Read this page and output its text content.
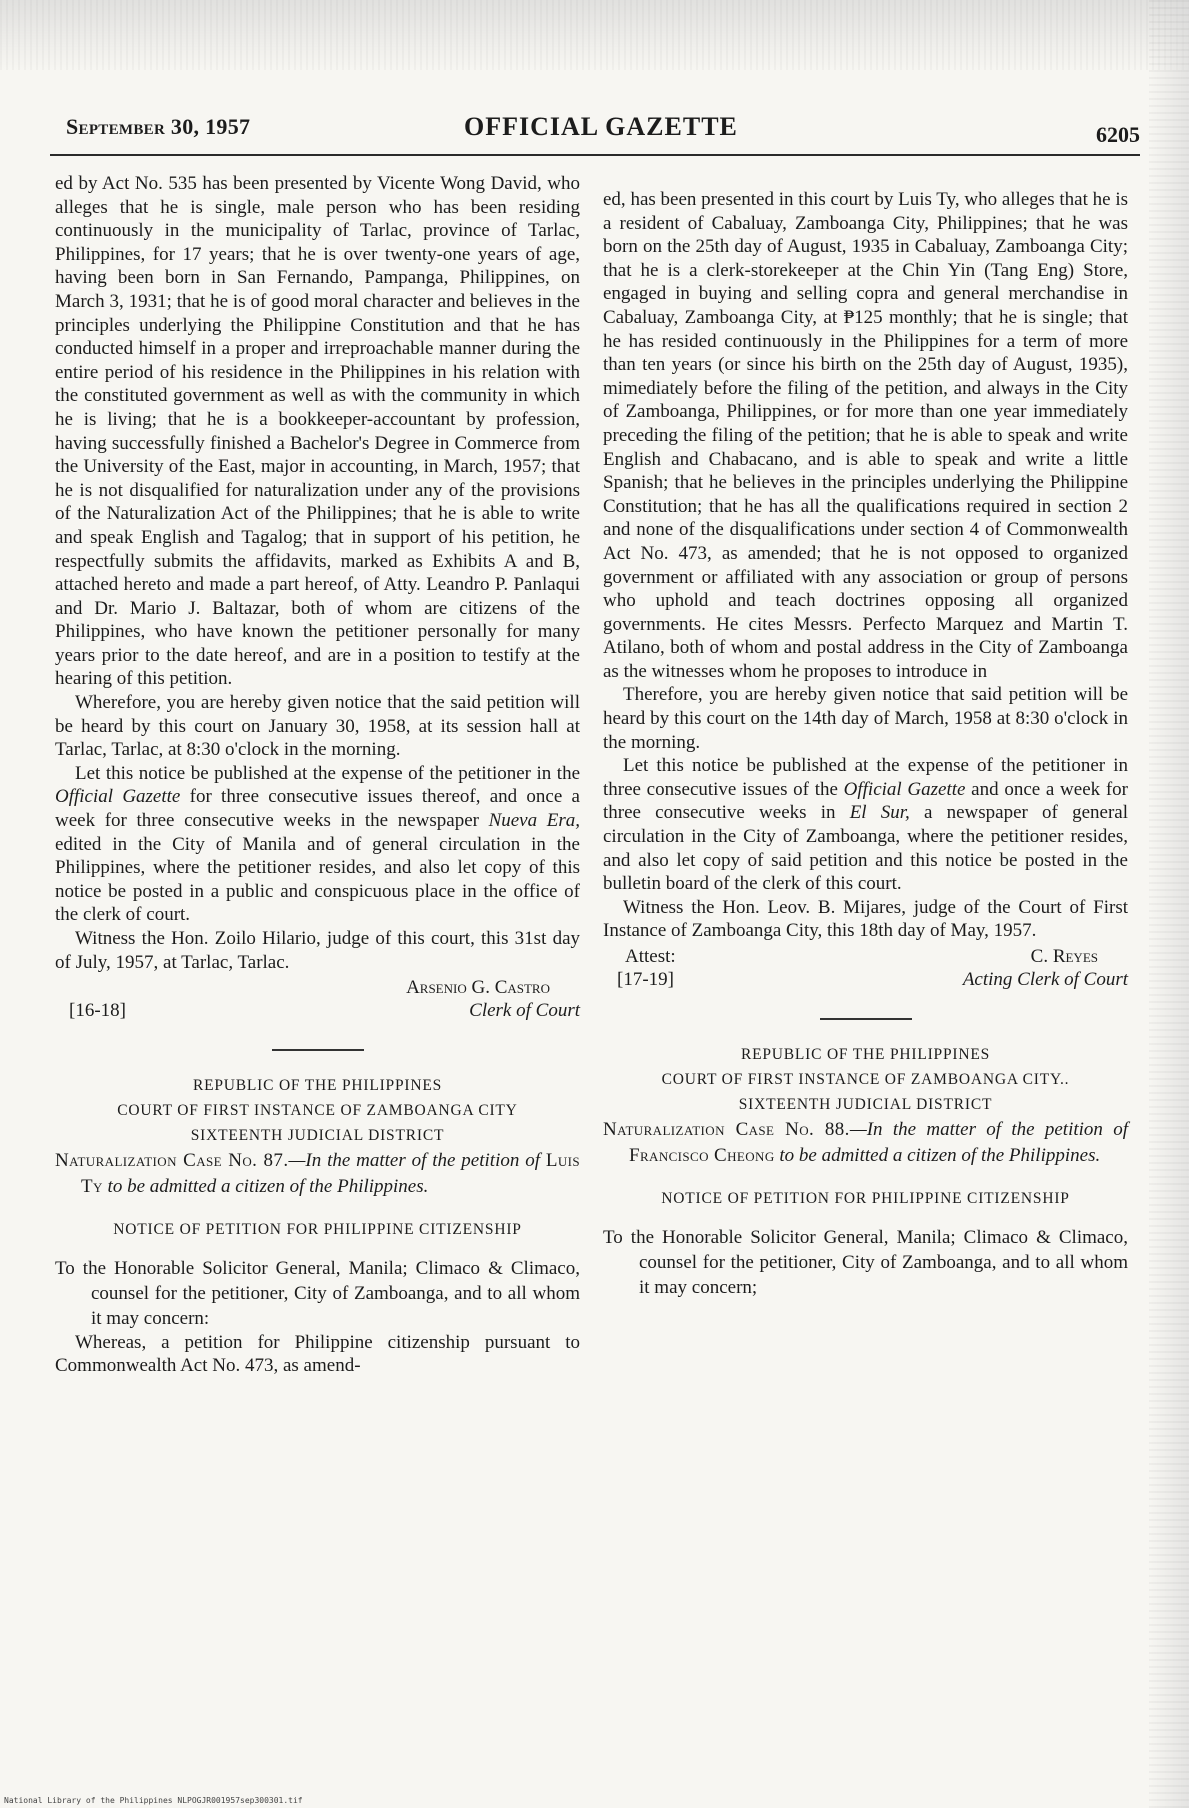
September 30, 1957	OFFICIAL GAZETTE	6205

ed by Act No. 535 has been presented by Vicente Wong David, who alleges that he is single, male person who has been residing continuously in the municipality of Tarlac, province of Tarlac, Philippines, for 17 years; that he is over twenty-one years of age, having been born in San Fernando, Pampanga, Philippines, on March 3, 1931; that he is of good moral character and believes in the principles underlying the Philippine Constitution and that he has conducted himself in a proper and irreproachable manner during the entire period of his residence in the Philippines in his relation with the constituted government as well as with the community in which he is living; that he is a bookkeeper-accountant by profession, having successfully finished a Bachelor's Degree in Commerce from the University of the East, major in accounting, in March, 1957; that he is not disqualified for naturalization under any of the provisions of the Naturalization Act of the Philippines; that he is able to write and speak English and Tagalog; that in support of his petition, he respectfully submits the affidavits, marked as Exhibits A and B, attached hereto and made a part hereof, of Atty. Leandro P. Panlaqui and Dr. Mario J. Baltazar, both of whom are citizens of the Philippines, who have known the petitioner personally for many years prior to the date hereof, and are in a position to testify at the hearing of this petition.

Wherefore, you are hereby given notice that the said petition will be heard by this court on January 30, 1958, at its session hall at Tarlac, Tarlac, at 8:30 o'clock in the morning.

Let this notice be published at the expense of the petitioner in the Official Gazette for three consecutive issues thereof, and once a week for three consecutive weeks in the newspaper Nueva Era, edited in the City of Manila and of general circulation in the Philippines, where the petitioner resides, and also let copy of this notice be posted in a public and conspicuous place in the office of the clerk of court.

Witness the Hon. Zoilo Hilario, judge of this court, this 31st day of July, 1957, at Tarlac, Tarlac.

Arsenio G. Castro
[16-18]	Clerk of Court
REPUBLIC OF THE PHILIPPINES
COURT OF FIRST INSTANCE OF ZAMBOANGA CITY
SIXTEENTH JUDICIAL DISTRICT

Naturalization Case No. 87.—In the matter of the petition of Luis Ty to be admitted a citizen of the Philippines.

NOTICE OF PETITION FOR PHILIPPINE CITIZENSHIP

To the Honorable Solicitor General, Manila; Climaco & Climaco, counsel for the petitioner, City of Zamboanga, and to all whom it may concern:

Whereas, a petition for Philippine citizenship pursuant to Commonwealth Act No. 473, as amend-

ed, has been presented in this court by Luis Ty, who alleges that he is a resident of Cabaluay, Zamboanga City, Philippines; that he was born on the 25th day of August, 1935 in Cabaluay, Zamboanga City; that he is a clerk-storekeeper at the Chin Yin (Tang Eng) Store, engaged in buying and selling copra and general merchandise in Cabaluay, Zamboanga City, at ₱125 monthly; that he is single; that he has resided continuously in the Philippines for a term of more than ten years (or since his birth on the 25th day of August, 1935), mimediately before the filing of the petition, and always in the City of Zamboanga, Philippines, or for more than one year immediately preceding the filing of the petition; that he is able to speak and write English and Chabacano, and is able to speak and write a little Spanish; that he believes in the principles underlying the Philippine Constitution; that he has all the qualifications required in section 2 and none of the disqualifications under section 4 of Commonwealth Act No. 473, as amended; that he is not opposed to organized government or affiliated with any association or group of persons who uphold and teach doctrines opposing all organized governments. He cites Messrs. Perfecto Marquez and Martin T. Atilano, both of whom and postal address in the City of Zamboanga as the witnesses whom he proposes to introduce in

Therefore, you are hereby given notice that said petition will be heard by this court on the 14th day of March, 1958 at 8:30 o'clock in the morning.

Let this notice be published at the expense of the petitioner in three consecutive issues of the Official Gazette and once a week for three consecutive weeks in El Sur, a newspaper of general circulation in the City of Zamboanga, where the petitioner resides, and also let copy of said petition and this notice be posted in the bulletin board of the clerk of this court.

Witness the Hon. Leov. B. Mijares, judge of the Court of First Instance of Zamboanga City, this 18th day of May, 1957.

Attest:	C. Reyes
[17-19]	Acting Clerk of Court
REPUBLIC OF THE PHILIPPINES
COURT OF FIRST INSTANCE OF ZAMBOANGA CITY..
SIXTEENTH JUDICIAL DISTRICT

Naturalization Case No. 88.—In the matter of the petition of Francisco Cheong to be admitted a citizen of the Philippines.

NOTICE OF PETITION FOR PHILIPPINE CITIZENSHIP

To the Honorable Solicitor General, Manila; Climaco & Climaco, counsel for the petitioner, City of Zamboanga, and to all whom it may concern;

National Library of the Philippines NLPOGJR001957sep300301.tif
